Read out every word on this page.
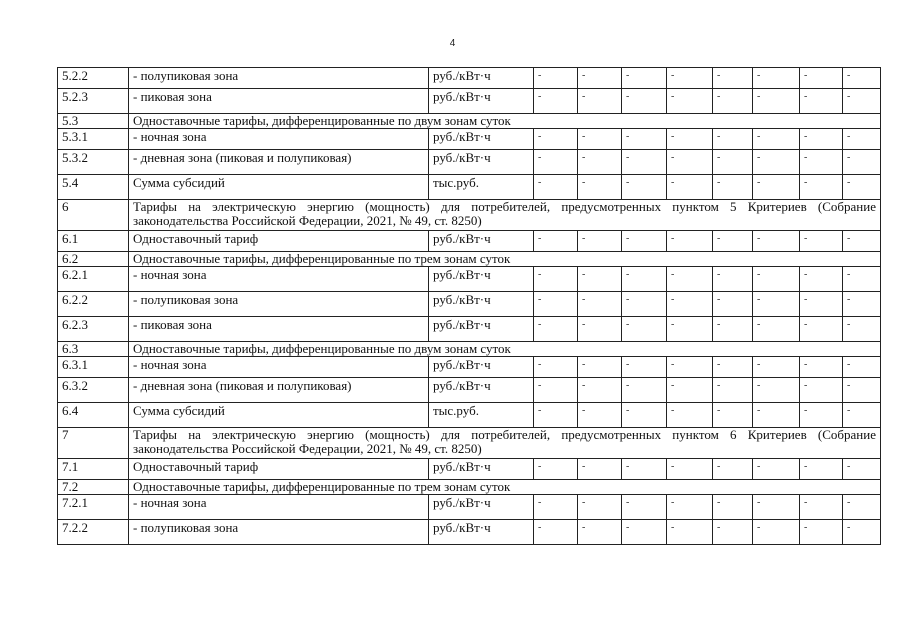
4
5.2.2	- полупиковая зона	руб./кВт·ч	-	-	-	-	-	-	-	-
5.2.3	- пиковая зона	руб./кВт·ч	-	-	-	-	-	-	-	-
5.3	Одноставочные тарифы, дифференцированные по двум зонам суток									
5.3.1	- ночная зона	руб./кВт·ч	-	-	-	-	-	-	-	-
5.3.2	- дневная зона (пиковая и полупиковая)	руб./кВт·ч	-	-	-	-	-	-	-	-
5.4	Сумма субсидий	тыс.руб.	-	-	-	-	-	-	-	-
6	Тарифы на электрическую энергию (мощность) для потребителей, предусмотренных пунктом 5 Критериев (Собрание законодательства Российской Федерации, 2021, № 49, ст. 8250)									
6.1	Одноставочный тариф	руб./кВт·ч	-	-	-	-	-	-	-	-
6.2	Одноставочные тарифы, дифференцированные по трем зонам суток									
6.2.1	- ночная зона	руб./кВт·ч	-	-	-	-	-	-	-	-
6.2.2	- полупиковая зона	руб./кВт·ч	-	-	-	-	-	-	-	-
6.2.3	- пиковая зона	руб./кВт·ч	-	-	-	-	-	-	-	-
6.3	Одноставочные тарифы, дифференцированные по двум зонам суток									
6.3.1	- ночная зона	руб./кВт·ч	-	-	-	-	-	-	-	-
6.3.2	- дневная зона (пиковая и полупиковая)	руб./кВт·ч	-	-	-	-	-	-	-	-
6.4	Сумма субсидий	тыс.руб.	-	-	-	-	-	-	-	-
7	Тарифы на электрическую энергию (мощность) для потребителей, предусмотренных пунктом 6 Критериев (Собрание законодательства Российской Федерации, 2021, № 49, ст. 8250)									
7.1	Одноставочный тариф	руб./кВт·ч	-	-	-	-	-	-	-	-
7.2	Одноставочные тарифы, дифференцированные по трем зонам суток									
7.2.1	- ночная зона	руб./кВт·ч	-	-	-	-	-	-	-	-
7.2.2	- полупиковая зона	руб./кВт·ч	-	-	-	-	-	-	-	-
